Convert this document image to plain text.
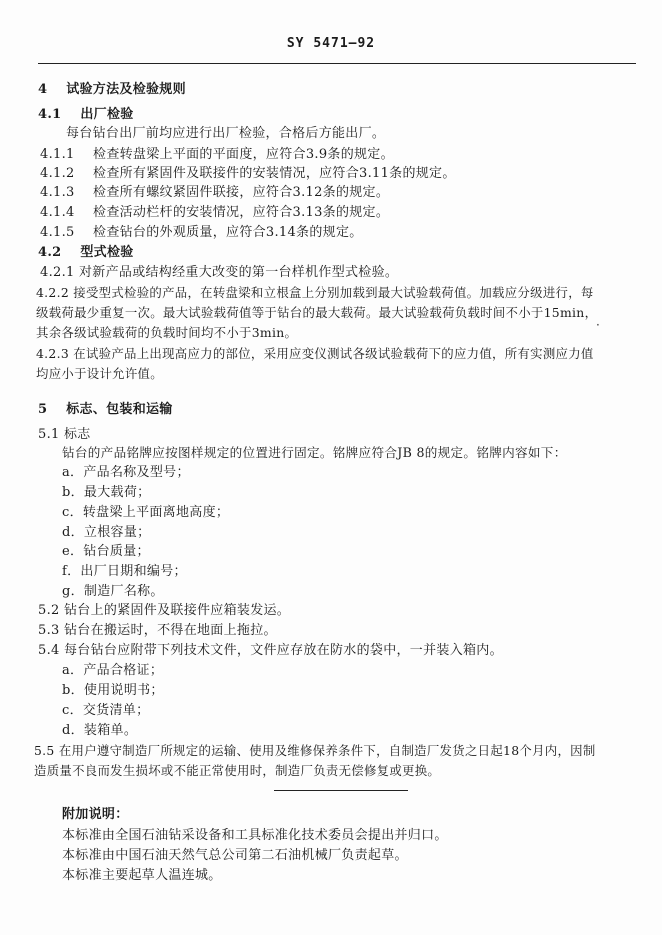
SY 5471—92
4 试验方法及检验规则
4.1 出厂检验
每台钻台出厂前均应进行出厂检验，合格后方能出厂。
4.1.1 检查转盘梁上平面的平面度，应符合3.9条的规定。
4.1.2 检查所有紧固件及联接件的安装情况，应符合3.11条的规定。
4.1.3 检查所有螺纹紧固件联接，应符合3.12条的规定。
4.1.4 检查活动栏杆的安装情况，应符合3.13条的规定。
4.1.5 检查钻台的外观质量，应符合3.14条的规定。
4.2 型式检验
4.2.1 对新产品或结构经重大改变的第一台样机作型式检验。
4.2.2 接受型式检验的产品，在转盘梁和立根盒上分别加载到最大试验载荷值。加载应分级进行，每
级载荷最少重复一次。最大试验载荷值等于钻台的最大载荷。最大试验载荷负载时间不小于15min，
其余各级试验载荷的负载时间均不小于3min。	·
4.2.3 在试验产品上出现高应力的部位，采用应变仪测试各级试验载荷下的应力值，所有实测应力值
均应小于设计允许值。
5 标志、包装和运输
5.1 标志
钻台的产品铭牌应按图样规定的位置进行固定。铭牌应符合JB 8的规定。铭牌内容如下：
a．产品名称及型号；
b．最大载荷；
c．转盘梁上平面离地高度；
d．立根容量；
e．钻台质量；
f．出厂日期和编号；
g．制造厂名称。
5.2 钻台上的紧固件及联接件应箱装发运。
5.3 钻台在搬运时，不得在地面上拖拉。
5.4 每台钻台应附带下列技术文件，文件应存放在防水的袋中，一并装入箱内。
a．产品合格证；
b．使用说明书；
c．交货清单；
d．装箱单。
5.5 在用户遵守制造厂所规定的运输、使用及维修保养条件下，自制造厂发货之日起18个月内，因制
造质量不良而发生损坏或不能正常使用时，制造厂负责无偿修复或更换。
附加说明：
本标准由全国石油钻采设备和工具标准化技术委员会提出并归口。
本标准由中国石油天然气总公司第二石油机械厂负责起草。
本标准主要起草人温连城。
